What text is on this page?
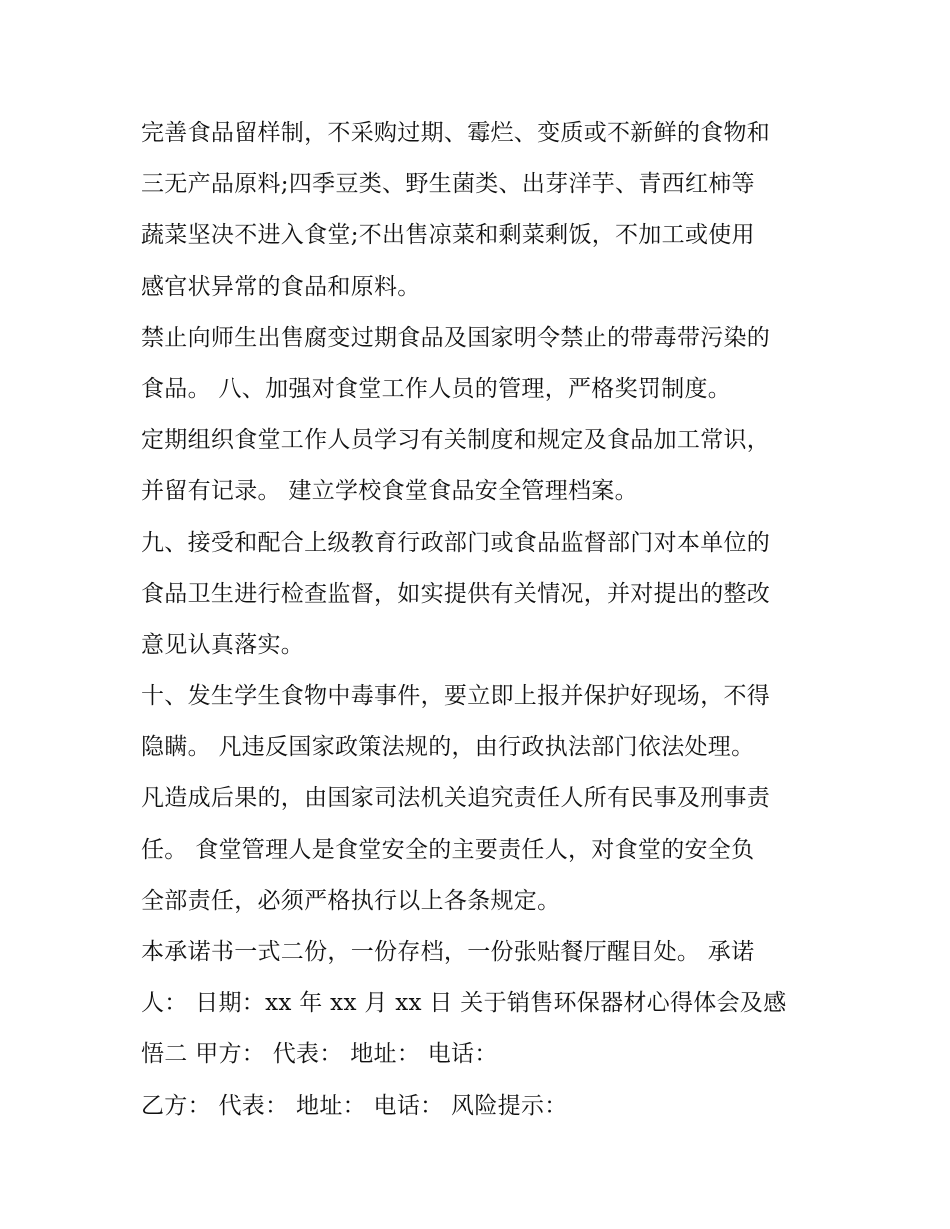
完善食品留样制，不采购过期、霉烂、变质或不新鲜的食物和
三无产品原料;四季豆类、野生菌类、出芽洋芋、青西红柿等
蔬菜坚决不进入食堂;不出售凉菜和剩菜剩饭，不加工或使用
感官状异常的食品和原料。
禁止向师生出售腐变过期食品及国家明令禁止的带毒带污染的
食品。 八、加强对食堂工作人员的管理，严格奖罚制度。
定期组织食堂工作人员学习有关制度和规定及食品加工常识，
并留有记录。 建立学校食堂食品安全管理档案。
九、接受和配合上级教育行政部门或食品监督部门对本单位的
食品卫生进行检查监督，如实提供有关情况，并对提出的整改
意见认真落实。
十、发生学生食物中毒事件，要立即上报并保护好现场，不得
隐瞒。 凡违反国家政策法规的，由行政执法部门依法处理。
凡造成后果的，由国家司法机关追究责任人所有民事及刑事责
任。 食堂管理人是食堂安全的主要责任人，对食堂的安全负
全部责任，必须严格执行以上各条规定。
本承诺书一式二份，一份存档，一份张贴餐厅醒目处。 承诺
人： 日期：xx 年 xx 月 xx 日 关于销售环保器材心得体会及感
悟二 甲方： 代表： 地址： 电话：
乙方： 代表： 地址： 电话： 风险提示：
